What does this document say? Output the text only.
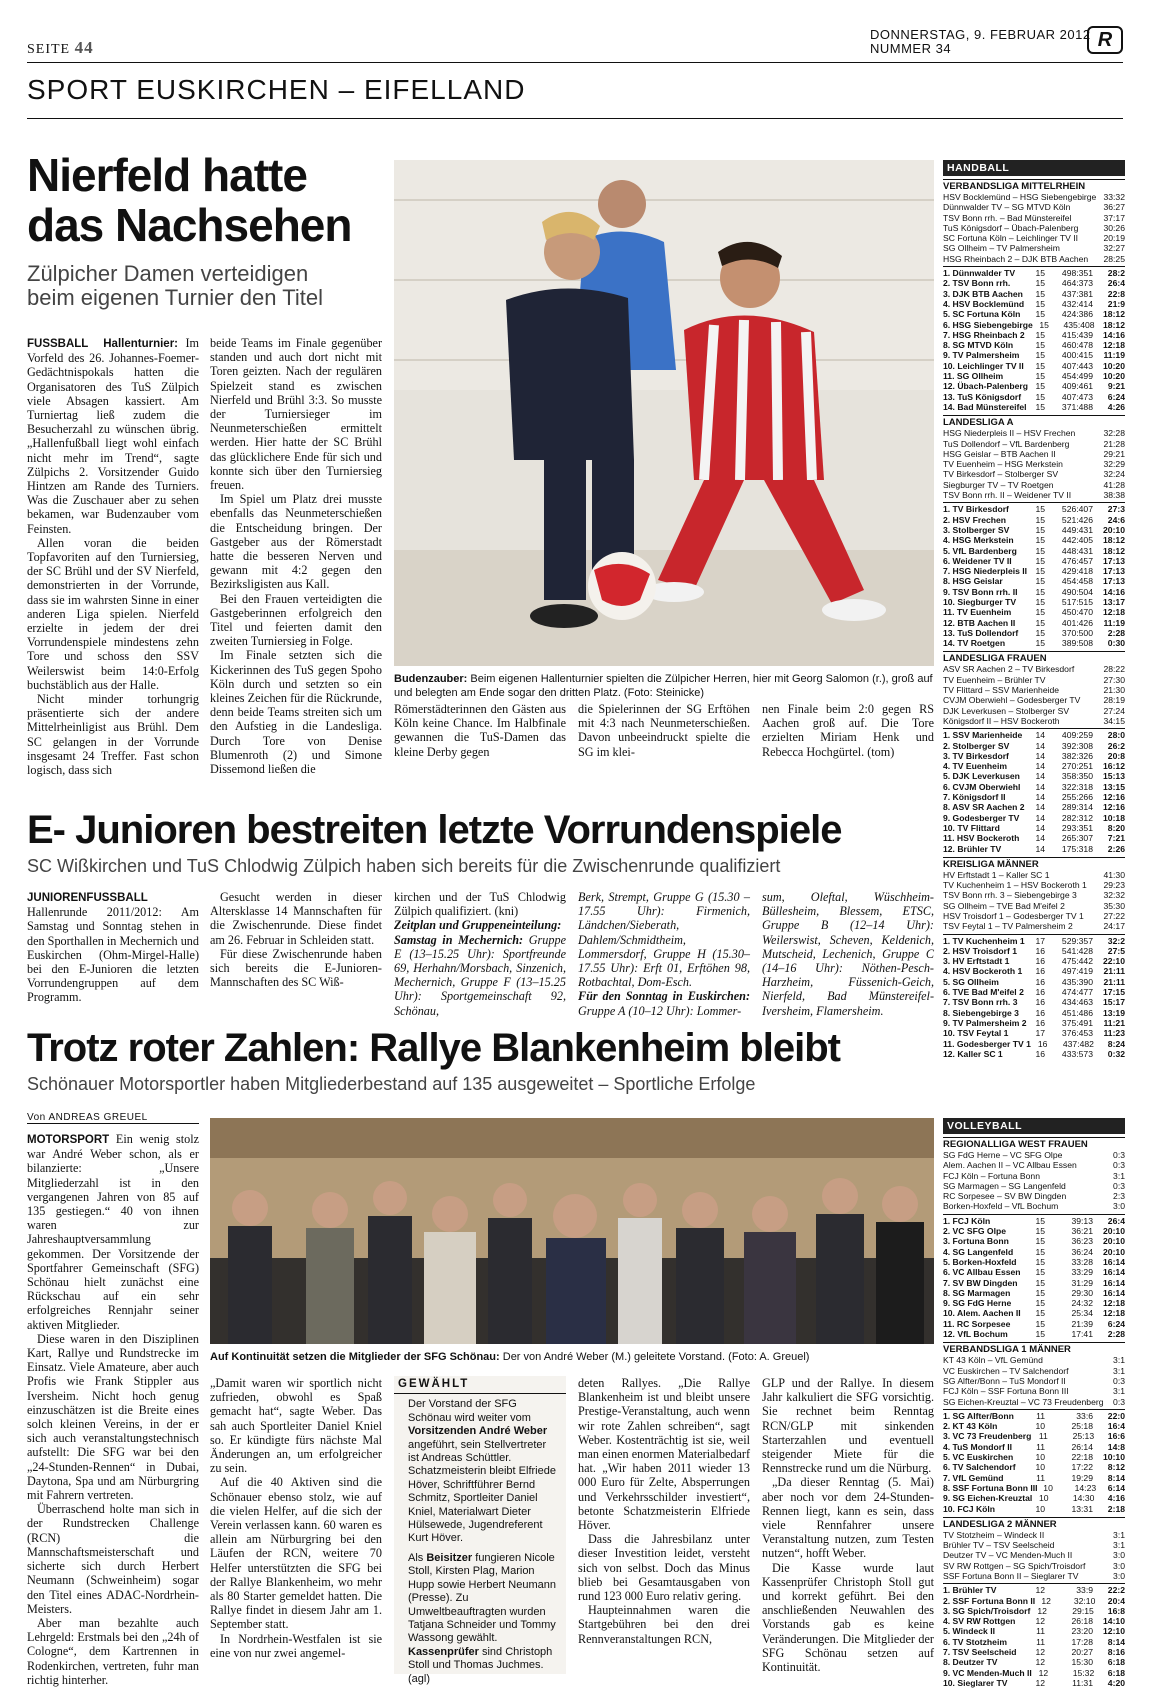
SEITE 44
DONNERSTAG, 9. FEBRUAR 2012
NUMMER 34	R
SPORT EUSKIRCHEN – EIFELLAND
Nierfeld hatte
das Nachsehen
Zülpicher Damen verteidigen
beim eigenen Turnier den Titel
FUSSBALL Hallenturnier: Im Vorfeld des 26. Johannes-Foemer-Gedächtnispokals hatten die Organisatoren des TuS Zülpich viele Absagen kassiert. Am Turniertag ließ zudem die Besucherzahl zu wünschen übrig. „Hallenfußball liegt wohl einfach nicht mehr im Trend“, sagte Zülpichs 2. Vorsitzender Guido Hintzen am Rande des Turniers. Was die Zuschauer aber zu sehen bekamen, war Budenzauber vom Feinsten.

Allen voran die beiden Topfavoriten auf den Turniersieg, der SC Brühl und der SV Nierfeld, demonstrierten in der Vorrunde, dass sie im wahrsten Sinne in einer anderen Liga spielen. Nierfeld erzielte in jedem der drei Vorrundenspiele mindestens zehn Tore und schoss den SSV Weilerswist beim 14:0-Erfolg buchstäblich aus der Halle.

Nicht minder torhungrig präsentierte sich der andere Mittelrheinligist aus Brühl. Dem SC gelangen in der Vorrunde insgesamt 24 Treffer. Fast schon logisch, dass sich

beide Teams im Finale gegenüber standen und auch dort nicht mit Toren geizten. Nach der regulären Spielzeit stand es zwischen Nierfeld und Brühl 3:3. So musste der Turniersieger im Neunmeterschießen ermittelt werden. Hier hatte der SC Brühl das glücklichere Ende für sich und konnte sich über den Turniersieg freuen.

Im Spiel um Platz drei musste ebenfalls das Neunmeterschießen die Entscheidung bringen. Der Gastgeber aus der Römerstadt hatte die besseren Nerven und gewann mit 4:2 gegen den Bezirksligisten aus Kall.

Bei den Frauen verteidigten die Gastgeberinnen erfolgreich den Titel und feierten damit den zweiten Turniersieg in Folge.

Im Finale setzten sich die Kickerinnen des TuS gegen Spoho Köln durch und setzten so ein kleines Zeichen für die Rückrunde, denn beide Teams streiten sich um den Aufstieg in die Landesliga. Durch Tore von Denise Blumenroth (2) und Simone Dissemond ließen die

Budenzauber: Beim eigenen Hallenturnier spielten die Zülpicher Herren, hier mit Georg Salomon (r.), groß auf und belegten am Ende sogar den dritten Platz. (Foto: Steinicke)
Römerstädterinnen den Gästen aus Köln keine Chance. Im Halbfinale gewannen die TuS-Damen das kleine Derby gegen
die Spielerinnen der SG Erftöhen mit 4:3 nach Neunmeterschießen. Davon unbeeindruckt spielte die SG im klei-
nen Finale beim 2:0 gegen RS Aachen groß auf. Die Tore erzielten Miriam Henk und Rebecca Hochgürtel. (tom)
E- Junioren bestreiten letzte Vorrundenspiele
SC Wißkirchen und TuS Chlodwig Zülpich haben sich bereits für die Zwischenrunde qualifiziert
JUNIORENFUSSBALL Hallenrunde 2011/2012: Am Samstag und Sonntag stehen in den Sporthallen in Mechernich und Euskirchen (Ohm-Mirgel-Halle) bei den E-Junioren die letzten Vorrundengruppen auf dem Programm.

Gesucht werden in dieser Altersklasse 14 Mannschaften für die Zwischenrunde. Diese findet am 26. Februar in Schleiden statt.

Für diese Zwischenrunde haben sich bereits die E-Junioren-Mannschaften des SC Wiß-

kirchen und der TuS Chlodwig Zülpich qualifiziert. (kni)
Zeitplan und Gruppeneinteilung:
Samstag in Mechernich: Gruppe E (13–15.25 Uhr): Sportfreunde 69, Herhahn/Morsbach, Sinzenich, Mechernich, Gruppe F (13–15.25 Uhr): Sportgemeinschaft 92, Schönau,
Berk, Strempt, Gruppe G (15.30 –17.55 Uhr): Firmenich, Ländchen/Sieberath, Dahlem/Schmidtheim, Lommersdorf, Gruppe H (15.30–17.55 Uhr): Erft 01, Erftöhen 98, Rotbachtal, Dom-Esch.
Für den Sonntag in Euskirchen: Gruppe A (10–12 Uhr): Lommer-
sum, Oleftal, Wüschheim-Büllesheim, Blessem, ETSC, Gruppe B (12–14 Uhr): Weilerswist, Scheven, Keldenich, Mutscheid, Lechenich, Gruppe C (14–16 Uhr): Nöthen-Pesch-Harzheim, Füssenich-Geich, Nierfeld, Bad Münstereifel-Iversheim, Flamersheim.
Trotz roter Zahlen: Rallye Blankenheim bleibt
Schönauer Motorsportler haben Mitgliederbestand auf 135 ausgeweitet – Sportliche Erfolge
Von ANDREAS GREUEL
MOTORSPORT Ein wenig stolz war André Weber schon, als er bilanzierte: „Unsere Mitgliederzahl ist in den vergangenen Jahren von 85 auf 135 gestiegen.“ 40 von ihnen waren zur Jahreshauptversammlung gekommen. Der Vorsitzende der Sportfahrer Gemeinschaft (SFG) Schönau hielt zunächst eine Rückschau auf ein sehr erfolgreiches Rennjahr seiner aktiven Mitglieder.

Diese waren in den Disziplinen Kart, Rallye und Rundstrecke im Einsatz. Viele Amateure, aber auch Profis wie Frank Stippler aus Iversheim. Nicht hoch genug einzuschätzen ist die Breite eines solch kleinen Vereins, in der er sich auch veranstaltungstechnisch aufstellt: Die SFG war bei den „24-Stunden-Rennen“ in Dubai, Daytona, Spa und am Nürburgring mit Fahrern vertreten.

Überraschend holte man sich in der Rundstrecken Challenge (RCN) die Mannschaftsmeisterschaft und sicherte sich durch Herbert Neumann (Schweinheim) sogar den Titel eines ADAC-Nordrhein-Meisters.

Aber man bezahlte auch Lehrgeld: Erstmals bei den „24h of Cologne“, dem Kartrennen in Rodenkirchen, vertreten, fuhr man richtig hinterher.

Auf Kontinuität setzen die Mitglieder der SFG Schönau: Der von André Weber (M.) geleitete Vorstand. (Foto: A. Greuel)
„Damit waren wir sportlich nicht zufrieden, obwohl es Spaß gemacht hat“, sagte Weber. Das sah auch Sportleiter Daniel Kniel so. Er kündigte fürs nächste Mal Änderungen an, um erfolgreicher zu sein.

Auf die 40 Aktiven sind die Schönauer ebenso stolz, wie auf die vielen Helfer, auf die sich der Verein verlassen kann. 60 waren es allein am Nürburgring bei den Läufen der RCN, weitere 70 Helfer unterstützten die SFG bei der Rallye Blankenheim, wo mehr als 80 Starter gemeldet hatten. Die Rallye findet in diesem Jahr am 1. September statt.

In Nordrhein-Westfalen ist sie eine von nur zwei angemel-

GEWÄHLT
Der Vorstand der SFG Schönau wird weiter vom Vorsitzenden André Weber angeführt, sein Stellvertreter ist Andreas Schüttler. Schatzmeisterin bleibt Elfriede Höver, Schriftführer Bernd Schmitz, Sportleiter Daniel Kniel, Materialwart Dieter Hülsewede, Jugendreferent Kurt Höver.
Als Beisitzer fungieren Nicole Stoll, Kirsten Plag, Marion Hupp sowie Herbert Neumann (Presse). Zu Umweltbeauftragten wurden Tatjana Schneider und Tommy Wassong gewählt. Kassenprüfer sind Christoph Stoll und Thomas Juchmes. (agl)
deten Rallyes. „Die Rallye Blankenheim ist und bleibt unsere Prestige-Veranstaltung, auch wenn wir rote Zahlen schreiben“, sagt Weber. Kostenträchtig ist sie, weil man einen enormen Materialbedarf hat. „Wir haben 2011 wieder 13 000 Euro für Zelte, Absperrungen und Verkehrsschilder investiert“, betonte Schatzmeisterin Elfriede Höver.

Dass die Jahresbilanz unter dieser Investition leidet, versteht sich von selbst. Doch das Minus blieb bei Gesamtausgaben von rund 123 000 Euro relativ gering.

Haupteinnahmen waren die Startgebühren bei den drei Rennveranstaltungen RCN,

GLP und der Rallye. In diesem Jahr kalkuliert die SFG vorsichtig. Sie rechnet beim Renntag RCN/GLP mit sinkenden Starterzahlen und eventuell steigender Miete für die Rennstrecke rund um die Nürburg.

„Da dieser Renntag (5. Mai) aber noch vor dem 24-Stunden-Rennen liegt, kann es sein, dass viele Rennfahrer unsere Veranstaltung nutzen, zum Testen nutzen“, hofft Weber.

Die Kasse wurde laut Kassenprüfer Christoph Stoll gut und korrekt geführt. Bei den anschließenden Neuwahlen des Vorstands gab es keine Veränderungen. Die Mitglieder der SFG Schönau setzen auf Kontinuität.

HANDBALL
VERBANDSLIGA MITTELRHEIN
HSV Bocklemünd – HSG Siebengebirge 33:32
Dünnwalder TV – SG MTVD Köln	36:27
TSV Bonn rrh. – Bad Münstereifel	37:17
TuS Königsdorf – Übach-Palenberg	30:26
SC Fortuna Köln – Leichlinger TV II	20:19
SG Ollheim – TV Palmersheim	32:27
HSG Rheinbach 2 – DJK BTB Aachen	28:25
1. Dünnwalder TV	15	498:351	28:2
2. TSV Bonn rrh.	15	464:373	26:4
3. DJK BTB Aachen	15	437:381	22:8
4. HSV Bocklemünd	15	432:414	21:9
5. SC Fortuna Köln	15	424:386	18:12
6. HSG Siebengebirge 15	435:408 18:12
7. HSG Rheinbach 2	15	415:439	14:16
8. SG MTVD Köln	15	460:478	12:18
9. TV Palmersheim	15	400:415	11:19
10. Leichlinger TV II	15	407:443	10:20
11. SG Ollheim	15	454:499	10:20
12. Übach-Palenberg 15	409:461	9:21
13. TuS Königsdorf	15	407:473	6:24
14. Bad Münstereifel	15	371:488	4:26
LANDESLIGA A
HSG Niederpleis II – HSV Frechen	32:28
TuS Dollendorf – VfL Bardenberg	21:28
HSG Geislar – BTB Aachen II	29:21
TV Euenheim – HSG Merkstein	32:29
TV Birkesdorf – Stolberger SV	32:24
Siegburger TV – TV Roetgen	41:28
TSV Bonn rrh. II – Weidener TV II	38:38
1. TV Birkesdorf	15	526:407	27:3
2. HSV Frechen	15	521:426	24:6
3. Stolberger SV	15	449:431	20:10
4. HSG Merkstein	15	442:405	18:12
5. VfL Bardenberg	15	448:431	18:12
6. Weidener TV II	15	476:457	17:13
7. HSG Niederpleis II 15	429:418	17:13
8. HSG Geislar	15	454:458	17:13
9. TSV Bonn rrh. II	15	490:504	14:16
10. Siegburger TV	15	517:515	13:17
11. TV Euenheim	15	450:470	12:18
12. BTB Aachen II	15	401:426	11:19
13. TuS Dollendorf	15	370:500	2:28
14. TV Roetgen	15	389:508	0:30
LANDESLIGA FRAUEN
ASV SR Aachen 2 – TV Birkesdorf	28:22
TV Euenheim – Brühler TV	27:30
TV Flittard – SSV Marienheide	21:30
CVJM Oberwiehl – Godesberger TV	28:19
DJK Leverkusen – Stolberger SV	27:24
Königsdorf II – HSV Bockeroth	34:15
1. SSV Marienheide	14	409:259	28:0
2. Stolberger SV	14	392:308	26:2
3. TV Birkesdorf	14	382:326	20:8
4. TV Euenheim	14	270:251	16:12
5. DJK Leverkusen	14	358:350	15:13
6. CVJM Oberwiehl	14	322:318	13:15
7. Königsdorf II	14	255:266	12:16
8. ASV SR Aachen 2	14	289:314	12:16
9. Godesberger TV	14	282:312	10:18
10. TV Flittard	14	293:351	8:20
11. HSV Bockeroth	14	265:307	7:21
12. Brühler TV	14	175:318	2:26
KREISLIGA MÄNNER
HV Erftstadt 1 – Kaller SC 1	41:30
TV Kuchenheim 1 – HSV Bockeroth 1	29:23
TSV Bonn rrh. 3 – Siebengebirge 3	32:32
SG Ollheim – TVE Bad M'eifel 2	35:30
HSV Troisdorf 1 – Godesberger TV 1	27:22
TSV Feytal 1 – TV Palmersheim 2	24:17
1. TV Kuchenheim 1	17	529:357	32:2
2. HSV Troisdorf 1	16	541:428	27:5
3. HV Erftstadt 1	16	475:442	22:10
4. HSV Bockeroth 1	16	497:419	21:11
5. SG Ollheim	16	435:390	21:11
6. TVE Bad M'eifel 2	16	474:477	17:15
7. TSV Bonn rrh. 3	16	434:463	15:17
8. Siebengebirge 3	16	451:486	13:19
9. TV Palmersheim 2	16	375:491	11:21
10. TSV Feytal 1	17	376:453	11:23
11. Godesberger TV 1 16	437:482	8:24
12. Kaller SC 1	16	433:573	0:32
VOLLEYBALL
REGIONALLIGA WEST FRAUEN
SG FdG Herne – VC SFG Olpe	0:3
Alem. Aachen II – VC Allbau Essen	0:3
FCJ Köln – Fortuna Bonn	3:1
SG Marmagen – SG Langenfeld	0:3
RC Sorpesee – SV BW Dingden	2:3
Borken-Hoxfeld – VfL Bochum	3:0
1. FCJ Köln	15	39:13	26:4
2. VC SFG Olpe	15	36:21	20:10
3. Fortuna Bonn	15	36:23	20:10
4. SG Langenfeld	15	36:24	20:10
5. Borken-Hoxfeld	15	33:28	16:14
6. VC Allbau Essen	15	33:29	16:14
7. SV BW Dingden	15	31:29	16:14
8. SG Marmagen	15	29:30	16:14
9. SG FdG Herne	15	24:32	12:18
10. Alem. Aachen II	15	25:34	12:18
11. RC Sorpesee	15	21:39	6:24
12. VfL Bochum	15	17:41	2:28
VERBANDSLIGA 1 MÄNNER
KT 43 Köln – VfL Gemünd	3:1
VC Euskirchen – TV Salchendorf	3:1
SG Alfter/Bonn – TuS Mondorf II	0:3
FCJ Köln – SSF Fortuna Bonn III	3:1
SG Eichen-Kreuztal – VC 73 Freudenberg	0:3
1. SG Alfter/Bonn	11	33:6	22:0
2. KT 43 Köln	10	25:18	16:4
3. VC 73 Freudenberg 11	25:13	16:6
4. TuS Mondorf II	11	26:14	14:8
5. VC Euskirchen	10	22:18	10:10
6. TV Salchendorf	10	17:22	8:12
7. VfL Gemünd	11	19:29	8:14
8. SSF Fortuna Bonn III 10	14:23	6:14
9. SG Eichen-Kreuztal 10	14:30	4:16
10. FCJ Köln	10	13:31	2:18
LANDESLIGA 2 MÄNNER
TV Stotzheim – Windeck II	3:1
Brühler TV – TSV Seelscheid	3:1
Deutzer TV – VC Menden-Much II	3:0
SV RW Rottgen – SG Spich/Troisdorf	3:0
SSF Fortuna Bonn II – Sieglarer TV	3:0
1. Brühler TV	12	33:9	22:2
2. SSF Fortuna Bonn II 12	32:10	20:4
3. SG Spich/Troisdorf 12	29:15	16:8
4. SV RW Rottgen	12	26:18	14:10
5. Windeck II	11	23:20	12:10
6. TV Stotzheim	11	17:28	8:14
7. TSV Seelscheid	12	20:27	8:16
8. Deutzer TV	12	15:30	6:18
9. VC Menden-Much II 12	15:32	6:18
10. Sieglarer TV	12	11:31	4:20
